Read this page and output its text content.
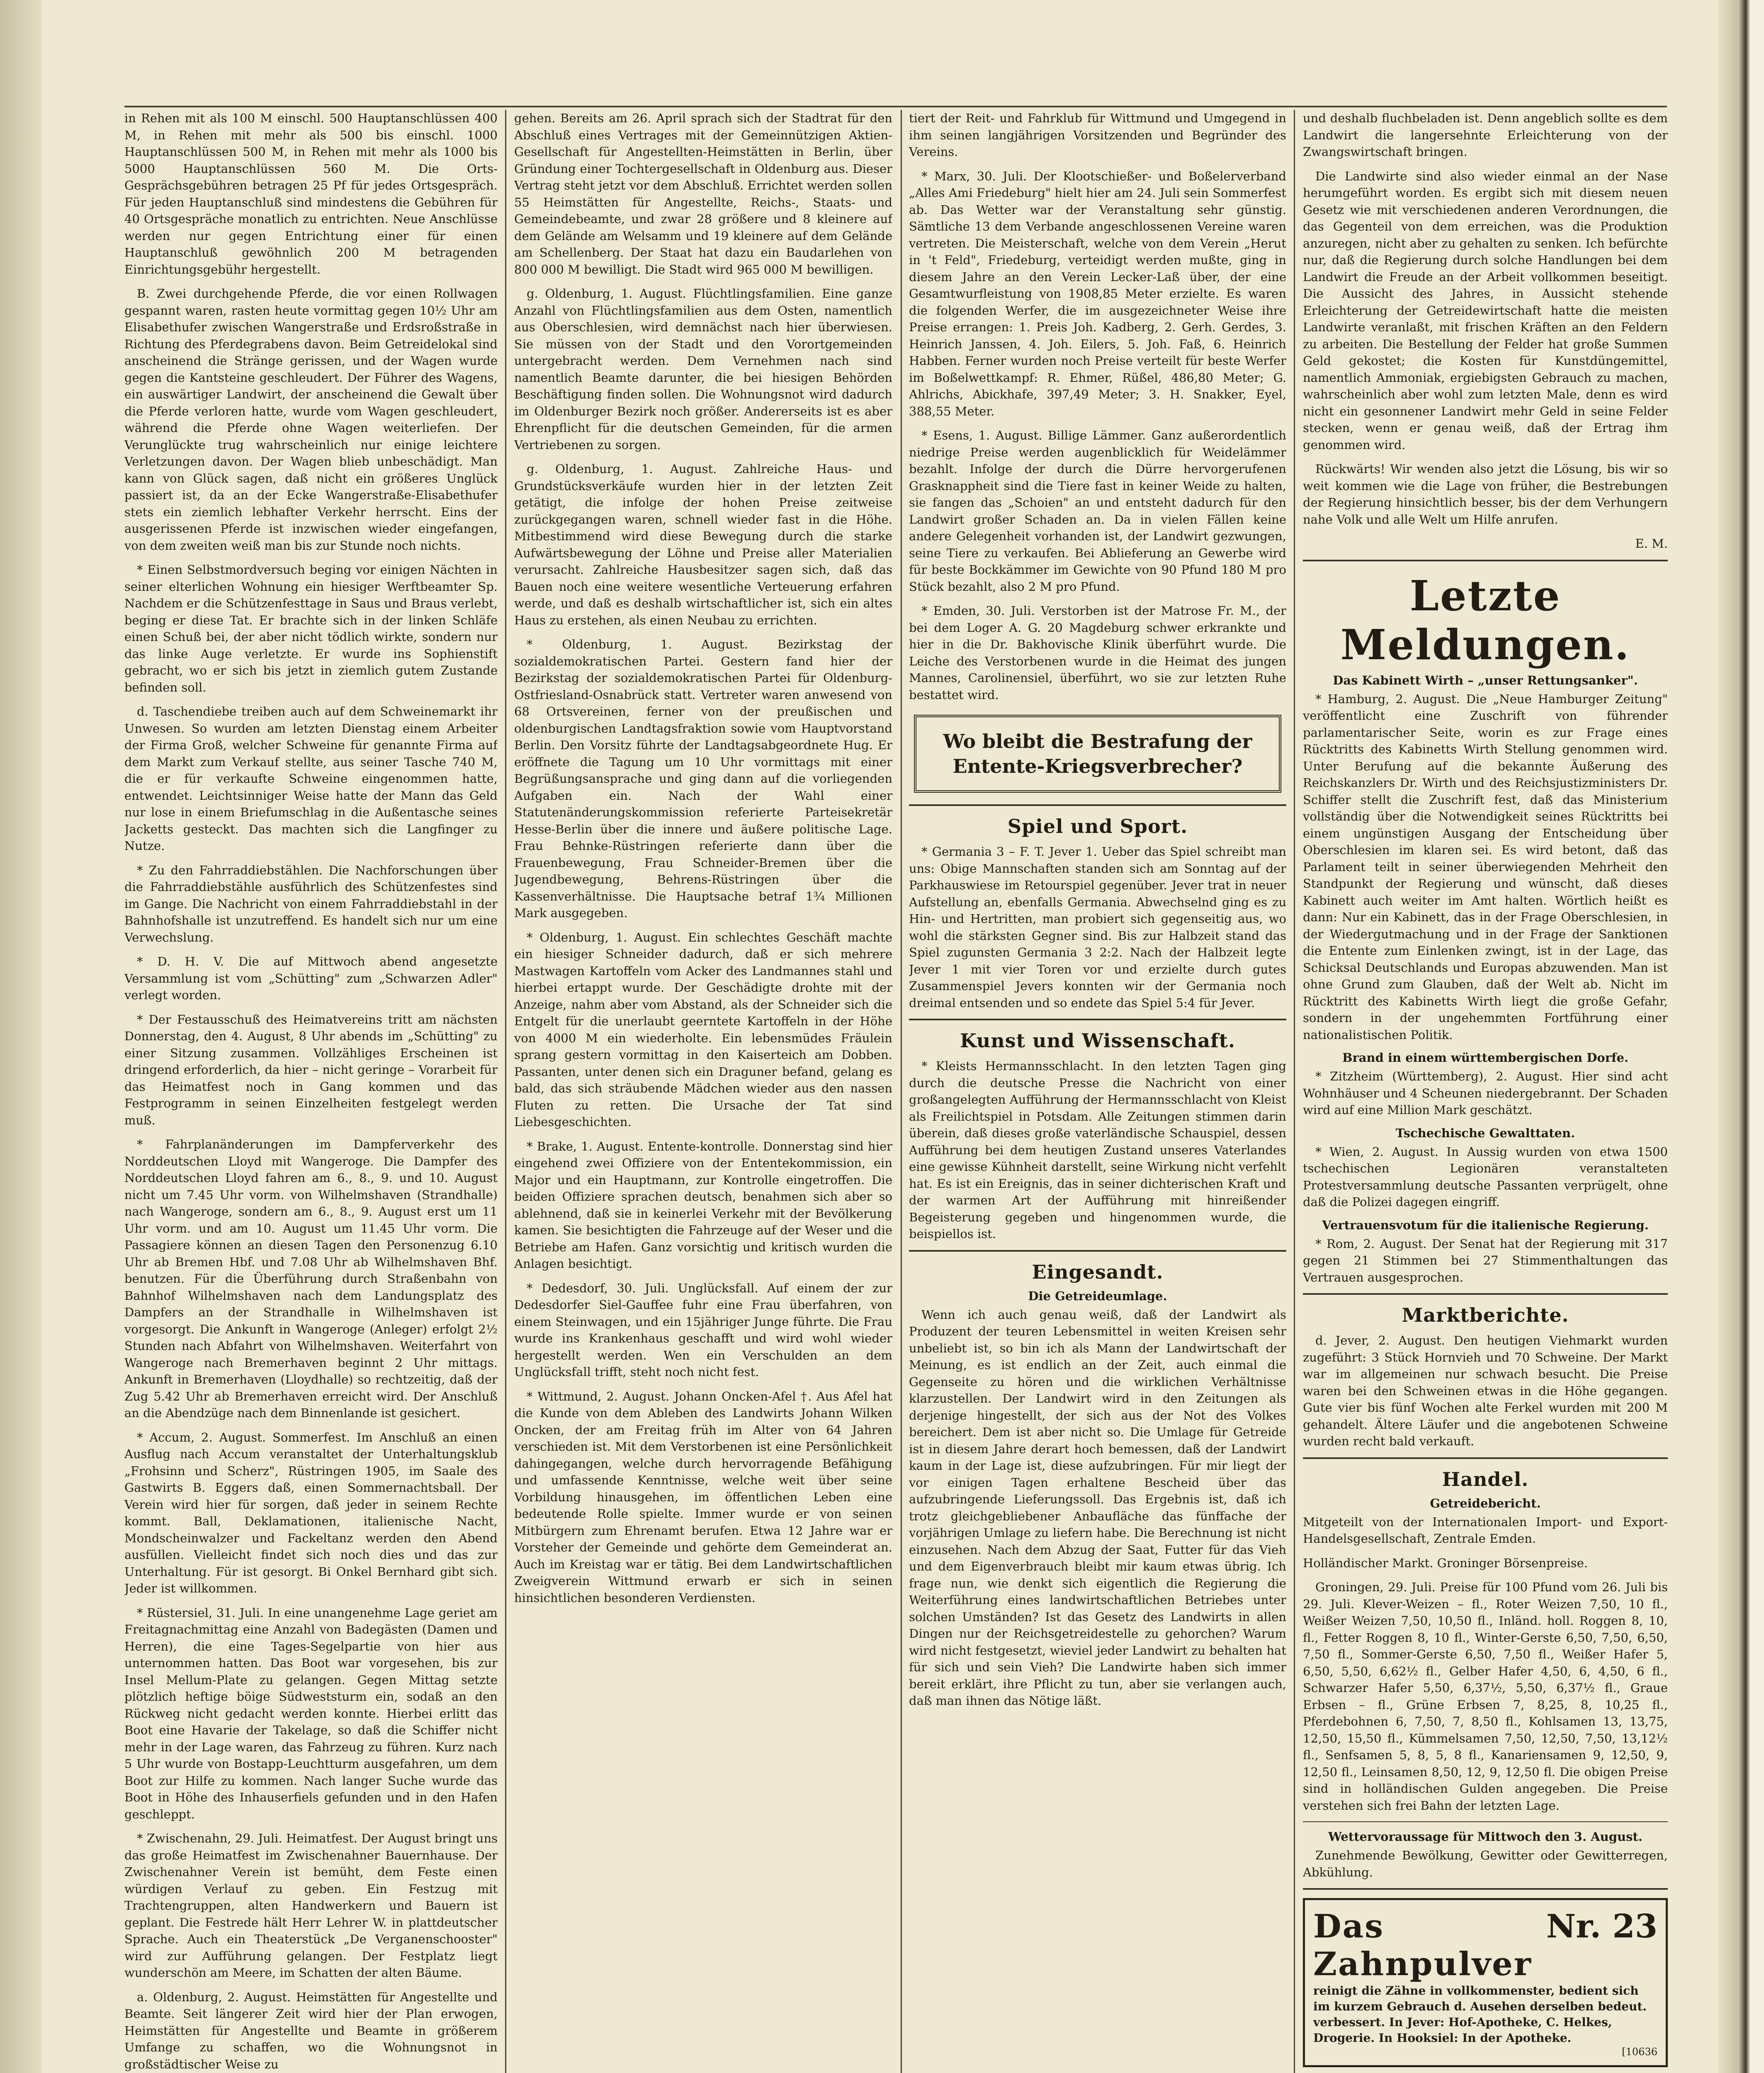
in Rehen mit als 100 M einschl. 500 Hauptanschlüssen 400 M, in Rehen mit mehr als 500 bis einschl. 1000 Hauptanschlüssen 500 M, in Rehen mit mehr als 1000 bis 5000 Hauptanschlüssen 560 M. Die Orts-Gesprächsgebühren betragen 25 Pf für jedes Ortsgespräch. Für jeden Hauptanschluß sind mindestens die Gebühren für 40 Ortsgespräche monatlich zu entrichten. Neue Anschlüsse werden nur gegen Entrichtung einer für einen Hauptanschluß gewöhnlich 200 M betragenden Einrichtungsgebühr hergestellt.

B. Zwei durchgehende Pferde, die vor einen Rollwagen gespannt waren, rasten heute vormittag gegen 10½ Uhr am Elisabethufer zwischen Wangerstraße und Erdsroßstraße in Richtung des Pferdegrabens davon. Beim Getreidelokal sind anscheinend die Stränge gerissen, und der Wagen wurde gegen die Kantsteine geschleudert. Der Führer des Wagens, ein auswärtiger Landwirt, der anscheinend die Gewalt über die Pferde verloren hatte, wurde vom Wagen geschleudert, während die Pferde ohne Wagen weiterliefen. Der Verunglückte trug wahrscheinlich nur einige leichtere Verletzungen davon. Der Wagen blieb unbeschädigt. Man kann von Glück sagen, daß nicht ein größeres Unglück passiert ist, da an der Ecke Wangerstraße-Elisabethufer stets ein ziemlich lebhafter Verkehr herrscht. Eins der ausgerissenen Pferde ist inzwischen wieder eingefangen, von dem zweiten weiß man bis zur Stunde noch nichts.

* Einen Selbstmordversuch beging vor einigen Nächten in seiner elterlichen Wohnung ein hiesiger Werftbeamter Sp. Nachdem er die Schützenfesttage in Saus und Braus verlebt, beging er diese Tat. Er brachte sich in der linken Schläfe einen Schuß bei, der aber nicht tödlich wirkte, sondern nur das linke Auge verletzte. Er wurde ins Sophienstift gebracht, wo er sich bis jetzt in ziemlich gutem Zustande befinden soll.

d. Taschendiebe treiben auch auf dem Schweinemarkt ihr Unwesen. So wurden am letzten Dienstag einem Arbeiter der Firma Groß, welcher Schweine für genannte Firma auf dem Markt zum Verkauf stellte, aus seiner Tasche 740 M, die er für verkaufte Schweine eingenommen hatte, entwendet. Leichtsinniger Weise hatte der Mann das Geld nur lose in einem Briefumschlag in die Außentasche seines Jacketts gesteckt. Das machten sich die Langfinger zu Nutze.

* Zu den Fahrraddiebstählen. Die Nachforschungen über die Fahrraddiebstähle ausführlich des Schützenfestes sind im Gange. Die Nachricht von einem Fahrraddiebstahl in der Bahnhofshalle ist unzutreffend. Es handelt sich nur um eine Verwechslung.

* D. H. V. Die auf Mittwoch abend angesetzte Versammlung ist vom „Schütting" zum „Schwarzen Adler" verlegt worden.

* Der Festausschuß des Heimatvereins tritt am nächsten Donnerstag, den 4. August, 8 Uhr abends im „Schütting" zu einer Sitzung zusammen. Vollzähliges Erscheinen ist dringend erforderlich, da hier – nicht geringe – Vorarbeit für das Heimatfest noch in Gang kommen und das Festprogramm in seinen Einzelheiten festgelegt werden muß.

* Fahrplanänderungen im Dampferverkehr des Norddeutschen Lloyd mit Wangeroge. Die Dampfer des Norddeutschen Lloyd fahren am 6., 8., 9. und 10. August nicht um 7.45 Uhr vorm. von Wilhelmshaven (Strandhalle) nach Wangeroge, sondern am 6., 8., 9. August erst um 11 Uhr vorm. und am 10. August um 11.45 Uhr vorm. Die Passagiere können an diesen Tagen den Personenzug 6.10 Uhr ab Bremen Hbf. und 7.08 Uhr ab Wilhelmshaven Bhf. benutzen. Für die Überführung durch Straßenbahn von Bahnhof Wilhelmshaven nach dem Landungsplatz des Dampfers an der Strandhalle in Wilhelmshaven ist vorgesorgt. Die Ankunft in Wangeroge (Anleger) erfolgt 2½ Stunden nach Abfahrt von Wilhelmshaven. Weiterfahrt von Wangeroge nach Bremerhaven beginnt 2 Uhr mittags. Ankunft in Bremerhaven (Lloydhalle) so rechtzeitig, daß der Zug 5.42 Uhr ab Bremerhaven erreicht wird. Der Anschluß an die Abendzüge nach dem Binnenlande ist gesichert.

* Accum, 2. August. Sommerfest. Im Anschluß an einen Ausflug nach Accum veranstaltet der Unterhaltungsklub „Frohsinn und Scherz", Rüstringen 1905, im Saale des Gastwirts B. Eggers daß, einen Sommernachtsball. Der Verein wird hier für sorgen, daß jeder in seinem Rechte kommt. Ball, Deklamationen, italienische Nacht, Mondscheinwalzer und Fackeltanz werden den Abend ausfüllen. Vielleicht findet sich noch dies und das zur Unterhaltung. Für ist gesorgt. Bi Onkel Bernhard gibt sich. Jeder ist willkommen.

* Rüstersiel, 31. Juli. In eine unangenehme Lage geriet am Freitagnachmittag eine Anzahl von Badegästen (Damen und Herren), die eine Tages-Segelpartie von hier aus unternommen hatten. Das Boot war vorgesehen, bis zur Insel Mellum-Plate zu gelangen. Gegen Mittag setzte plötzlich heftige böige Südweststurm ein, sodaß an den Rückweg nicht gedacht werden konnte. Hierbei erlitt das Boot eine Havarie der Takelage, so daß die Schiffer nicht mehr in der Lage waren, das Fahrzeug zu führen. Kurz nach 5 Uhr wurde von Bostapp-Leuchtturm ausgefahren, um dem Boot zur Hilfe zu kommen. Nach langer Suche wurde das Boot in Höhe des Inhauserfiels gefunden und in den Hafen geschleppt.

* Zwischenahn, 29. Juli. Heimatfest. Der August bringt uns das große Heimatfest im Zwischenahner Bauernhause. Der Zwischenahner Verein ist bemüht, dem Feste einen würdigen Verlauf zu geben. Ein Festzug mit Trachtengruppen, alten Handwerkern und Bauern ist geplant. Die Festrede hält Herr Lehrer W. in plattdeutscher Sprache. Auch ein Theaterstück „De Verganenschooster" wird zur Aufführung gelangen. Der Festplatz liegt wunderschön am Meere, im Schatten der alten Bäume.

a. Oldenburg, 2. August. Heimstätten für Angestellte und Beamte. Seit längerer Zeit wird hier der Plan erwogen, Heimstätten für Angestellte und Beamte in größerem Umfange zu schaffen, wo die Wohnungsnot in großstädtischer Weise zu

gehen. Bereits am 26. April sprach sich der Stadtrat für den Abschluß eines Vertrages mit der Gemeinnützigen Aktien-Gesellschaft für Angestellten-Heimstätten in Berlin, über Gründung einer Tochtergesellschaft in Oldenburg aus. Dieser Vertrag steht jetzt vor dem Abschluß. Errichtet werden sollen 55 Heimstätten für Angestellte, Reichs-, Staats- und Gemeindebeamte, und zwar 28 größere und 8 kleinere auf dem Gelände am Welsamm und 19 kleinere auf dem Gelände am Schellenberg. Der Staat hat dazu ein Baudarlehen von 800 000 M bewilligt. Die Stadt wird 965 000 M bewilligen.

g. Oldenburg, 1. August. Flüchtlingsfamilien. Eine ganze Anzahl von Flüchtlingsfamilien aus dem Osten, namentlich aus Oberschlesien, wird demnächst nach hier überwiesen. Sie müssen von der Stadt und den Vorortgemeinden untergebracht werden. Dem Vernehmen nach sind namentlich Beamte darunter, die bei hiesigen Behörden Beschäftigung finden sollen. Die Wohnungsnot wird dadurch im Oldenburger Bezirk noch größer. Andererseits ist es aber Ehrenpflicht für die deutschen Gemeinden, für die armen Vertriebenen zu sorgen.

g. Oldenburg, 1. August. Zahlreiche Haus- und Grundstücksverkäufe wurden hier in der letzten Zeit getätigt, die infolge der hohen Preise zeitweise zurückgegangen waren, schnell wieder fast in die Höhe. Mitbestimmend wird diese Bewegung durch die starke Aufwärtsbewegung der Löhne und Preise aller Materialien verursacht. Zahlreiche Hausbesitzer sagen sich, daß das Bauen noch eine weitere wesentliche Verteuerung erfahren werde, und daß es deshalb wirtschaftlicher ist, sich ein altes Haus zu erstehen, als einen Neubau zu errichten.

* Oldenburg, 1. August. Bezirkstag der sozialdemokratischen Partei. Gestern fand hier der Bezirkstag der sozialdemokratischen Partei für Oldenburg-Ostfriesland-Osnabrück statt. Vertreter waren anwesend von 68 Ortsvereinen, ferner von der preußischen und oldenburgischen Landtagsfraktion sowie vom Hauptvorstand Berlin. Den Vorsitz führte der Landtagsabgeordnete Hug. Er eröffnete die Tagung um 10 Uhr vormittags mit einer Begrüßungsansprache und ging dann auf die vorliegenden Aufgaben ein. Nach der Wahl einer Statutenänderungskommission referierte Parteisekretär Hesse-Berlin über die innere und äußere politische Lage. Frau Behnke-Rüstringen referierte dann über die Frauenbewegung, Frau Schneider-Bremen über die Jugendbewegung, Behrens-Rüstringen über die Kassenverhältnisse. Die Hauptsache betraf 1¾ Millionen Mark ausgegeben.

* Oldenburg, 1. August. Ein schlechtes Geschäft machte ein hiesiger Schneider dadurch, daß er sich mehrere Mastwagen Kartoffeln vom Acker des Landmannes stahl und hierbei ertappt wurde. Der Geschädigte drohte mit der Anzeige, nahm aber vom Abstand, als der Schneider sich die Entgelt für die unerlaubt geerntete Kartoffeln in der Höhe von 4000 M ein wiederholte. Ein lebensmüdes Fräulein sprang gestern vormittag in den Kaiserteich am Dobben. Passanten, unter denen sich ein Draguner befand, gelang es bald, das sich sträubende Mädchen wieder aus den nassen Fluten zu retten. Die Ursache der Tat sind Liebesgeschichten.

* Brake, 1. August. Entente-kontrolle. Donnerstag sind hier eingehend zwei Offiziere von der Ententekommission, ein Major und ein Hauptmann, zur Kontrolle eingetroffen. Die beiden Offiziere sprachen deutsch, benahmen sich aber so ablehnend, daß sie in keinerlei Verkehr mit der Bevölkerung kamen. Sie besichtigten die Fahrzeuge auf der Weser und die Betriebe am Hafen. Ganz vorsichtig und kritisch wurden die Anlagen besichtigt.

* Dedesdorf, 30. Juli. Unglücksfall. Auf einem der zur Dedesdorfer Siel-Gauffee fuhr eine Frau überfahren, von einem Steinwagen, und ein 15jähriger Junge führte. Die Frau wurde ins Krankenhaus geschafft und wird wohl wieder hergestellt werden. Wen ein Verschulden an dem Unglücksfall trifft, steht noch nicht fest.

* Wittmund, 2. August. Johann Oncken-Afel †. Aus Afel hat die Kunde von dem Ableben des Landwirts Johann Wilken Oncken, der am Freitag früh im Alter von 64 Jahren verschieden ist. Mit dem Verstorbenen ist eine Persönlichkeit dahingegangen, welche durch hervorragende Befähigung und umfassende Kenntnisse, welche weit über seine Vorbildung hinausgehen, im öffentlichen Leben eine bedeutende Rolle spielte. Immer wurde er von seinen Mitbürgern zum Ehrenamt berufen. Etwa 12 Jahre war er Vorsteher der Gemeinde und gehörte dem Gemeinderat an. Auch im Kreistag war er tätig. Bei dem Landwirtschaftlichen Zweigverein Wittmund erwarb er sich in seinen hinsichtlichen besonderen Verdiensten.

tiert der Reit- und Fahrklub für Wittmund und Umgegend in ihm seinen langjährigen Vorsitzenden und Begründer des Vereins.

* Marx, 30. Juli. Der Klootschießer- und Boßelerverband „Alles Ami Friedeburg" hielt hier am 24. Juli sein Sommerfest ab. Das Wetter war der Veranstaltung sehr günstig. Sämtliche 13 dem Verbande angeschlossenen Vereine waren vertreten. Die Meisterschaft, welche von dem Verein „Herut in 't Feld", Friedeburg, verteidigt werden mußte, ging in diesem Jahre an den Verein Lecker-Laß über, der eine Gesamtwurfleistung von 1908,85 Meter erzielte. Es waren die folgenden Werfer, die im ausgezeichneter Weise ihre Preise errangen: 1. Preis Joh. Kadberg, 2. Gerh. Gerdes, 3. Heinrich Janssen, 4. Joh. Eilers, 5. Joh. Faß, 6. Heinrich Habben. Ferner wurden noch Preise verteilt für beste Werfer im Boßelwettkampf: R. Ehmer, Rüßel, 486,80 Meter; G. Ahlrichs, Abickhafe, 397,49 Meter; 3. H. Snakker, Eyel, 388,55 Meter.

* Esens, 1. August. Billige Lämmer. Ganz außerordentlich niedrige Preise werden augenblicklich für Weidelämmer bezahlt. Infolge der durch die Dürre hervorgerufenen Grasknappheit sind die Tiere fast in keiner Weide zu halten, sie fangen das „Schoien" an und entsteht dadurch für den Landwirt großer Schaden an. Da in vielen Fällen keine andere Gelegenheit vorhanden ist, der Landwirt gezwungen, seine Tiere zu verkaufen. Bei Ablieferung an Gewerbe wird für beste Bockkämmer im Gewichte von 90 Pfund 180 M pro Stück bezahlt, also 2 M pro Pfund.

* Emden, 30. Juli. Verstorben ist der Matrose Fr. M., der bei dem Loger A. G. 20 Magdeburg schwer erkrankte und hier in die Dr. Bakhovische Klinik überführt wurde. Die Leiche des Verstorbenen wurde in die Heimat des jungen Mannes, Carolinensiel, überführt, wo sie zur letzten Ruhe bestattet wird.

Wo bleibt die Bestrafung der Entente-Kriegsverbrecher?
Spiel und Sport.

* Germania 3 – F. T. Jever 1. Ueber das Spiel schreibt man uns: Obige Mannschaften standen sich am Sonntag auf der Parkhauswiese im Retourspiel gegenüber. Jever trat in neuer Aufstellung an, ebenfalls Germania. Abwechselnd ging es zu Hin- und Hertritten, man probiert sich gegenseitig aus, wo wohl die stärksten Gegner sind. Bis zur Halbzeit stand das Spiel zugunsten Germania 3 2:2. Nach der Halbzeit legte Jever 1 mit vier Toren vor und erzielte durch gutes Zusammenspiel Jevers konnten wir der Germania noch dreimal entsenden und so endete das Spiel 5:4 für Jever.

Kunst und Wissenschaft.

* Kleists Hermannsschlacht. In den letzten Tagen ging durch die deutsche Presse die Nachricht von einer großangelegten Aufführung der Hermannsschlacht von Kleist als Freilichtspiel in Potsdam. Alle Zeitungen stimmen darin überein, daß dieses große vaterländische Schauspiel, dessen Aufführung bei dem heutigen Zustand unseres Vaterlandes eine gewisse Kühnheit darstellt, seine Wirkung nicht verfehlt hat. Es ist ein Ereignis, das in seiner dichterischen Kraft und der warmen Art der Aufführung mit hinreißender Begeisterung gegeben und hingenommen wurde, die beispiellos ist.

Eingesandt.
Die Getreideumlage.

Wenn ich auch genau weiß, daß der Landwirt als Produzent der teuren Lebensmittel in weiten Kreisen sehr unbeliebt ist, so bin ich als Mann der Landwirtschaft der Meinung, es ist endlich an der Zeit, auch einmal die Gegenseite zu hören und die wirklichen Verhältnisse klarzustellen. Der Landwirt wird in den Zeitungen als derjenige hingestellt, der sich aus der Not des Volkes bereichert. Dem ist aber nicht so. Die Umlage für Getreide ist in diesem Jahre derart hoch bemessen, daß der Landwirt kaum in der Lage ist, diese aufzubringen. Für mir liegt der vor einigen Tagen erhaltene Bescheid über das aufzubringende Lieferungssoll. Das Ergebnis ist, daß ich trotz gleichgebliebener Anbaufläche das fünffache der vorjährigen Umlage zu liefern habe. Die Berechnung ist nicht einzusehen. Nach dem Abzug der Saat, Futter für das Vieh und dem Eigenverbrauch bleibt mir kaum etwas übrig. Ich frage nun, wie denkt sich eigentlich die Regierung die Weiterführung eines landwirtschaftlichen Betriebes unter solchen Umständen? Ist das Gesetz des Landwirts in allen Dingen nur der Reichsgetreidestelle zu gehorchen? Warum wird nicht festgesetzt, wieviel jeder Landwirt zu behalten hat für sich und sein Vieh? Die Landwirte haben sich immer bereit erklärt, ihre Pflicht zu tun, aber sie verlangen auch, daß man ihnen das Nötige läßt.

und deshalb fluchbeladen ist. Denn angeblich sollte es dem Landwirt die langersehnte Erleichterung von der Zwangswirtschaft bringen.

Die Landwirte sind also wieder einmal an der Nase herumgeführt worden. Es ergibt sich mit diesem neuen Gesetz wie mit verschiedenen anderen Verordnungen, die das Gegenteil von dem erreichen, was die Produktion anzuregen, nicht aber zu gehalten zu senken. Ich befürchte nur, daß die Regierung durch solche Handlungen bei dem Landwirt die Freude an der Arbeit vollkommen beseitigt. Die Aussicht des Jahres, in Aussicht stehende Erleichterung der Getreidewirtschaft hatte die meisten Landwirte veranlaßt, mit frischen Kräften an den Feldern zu arbeiten. Die Bestellung der Felder hat große Summen Geld gekostet; die Kosten für Kunstdüngemittel, namentlich Ammoniak, ergiebigsten Gebrauch zu machen, wahrscheinlich aber wohl zum letzten Male, denn es wird nicht ein gesonnener Landwirt mehr Geld in seine Felder stecken, wenn er genau weiß, daß der Ertrag ihm genommen wird.

Rückwärts! Wir wenden also jetzt die Lösung, bis wir so weit kommen wie die Lage von früher, die Bestrebungen der Regierung hinsichtlich besser, bis der dem Verhungern nahe Volk und alle Welt um Hilfe anrufen.

E. M.

Letzte Meldungen.
Das Kabinett Wirth – „unser Rettungsanker".

* Hamburg, 2. August. Die „Neue Hamburger Zeitung" veröffentlicht eine Zuschrift von führender parlamentarischer Seite, worin es zur Frage eines Rücktritts des Kabinetts Wirth Stellung genommen wird. Unter Berufung auf die bekannte Äußerung des Reichskanzlers Dr. Wirth und des Reichsjustizministers Dr. Schiffer stellt die Zuschrift fest, daß das Ministerium vollständig über die Notwendigkeit seines Rücktritts bei einem ungünstigen Ausgang der Entscheidung über Oberschlesien im klaren sei. Es wird betont, daß das Parlament teilt in seiner überwiegenden Mehrheit den Standpunkt der Regierung und wünscht, daß dieses Kabinett auch weiter im Amt halten. Wörtlich heißt es dann: Nur ein Kabinett, das in der Frage Oberschlesien, in der Wiedergutmachung und in der Frage der Sanktionen die Entente zum Einlenken zwingt, ist in der Lage, das Schicksal Deutschlands und Europas abzuwenden. Man ist ohne Grund zum Glauben, daß der Welt ab. Nicht im Rücktritt des Kabinetts Wirth liegt die große Gefahr, sondern in der ungehemmten Fortführung einer nationalistischen Politik.

Brand in einem württembergischen Dorfe.

* Zitzheim (Württemberg), 2. August. Hier sind acht Wohnhäuser und 4 Scheunen niedergebrannt. Der Schaden wird auf eine Million Mark geschätzt.

Tschechische Gewalttaten.

* Wien, 2. August. In Aussig wurden von etwa 1500 tschechischen Legionären veranstalteten Protestversammlung deutsche Passanten verprügelt, ohne daß die Polizei dagegen eingriff.

Vertrauensvotum für die italienische Regierung.

* Rom, 2. August. Der Senat hat der Regierung mit 317 gegen 21 Stimmen bei 27 Stimmenthaltungen das Vertrauen ausgesprochen.

Marktberichte.

d. Jever, 2. August. Den heutigen Viehmarkt wurden zugeführt: 3 Stück Hornvieh und 70 Schweine. Der Markt war im allgemeinen nur schwach besucht. Die Preise waren bei den Schweinen etwas in die Höhe gegangen. Gute vier bis fünf Wochen alte Ferkel wurden mit 200 M gehandelt. Ältere Läufer und die angebotenen Schweine wurden recht bald verkauft.

Handel.
Getreidebericht.

Mitgeteilt von der Internationalen Import- und Export-Handelsgesellschaft, Zentrale Emden.

Holländischer Markt. Groninger Börsenpreise.

Groningen, 29. Juli. Preise für 100 Pfund vom 26. Juli bis 29. Juli. Klever-Weizen – fl., Roter Weizen 7,50, 10 fl., Weißer Weizen 7,50, 10,50 fl., Inländ. holl. Roggen 8, 10, fl., Fetter Roggen 8, 10 fl., Winter-Gerste 6,50, 7,50, 6,50, 7,50 fl., Sommer-Gerste 6,50, 7,50 fl., Weißer Hafer 5, 6,50, 5,50, 6,62½ fl., Gelber Hafer 4,50, 6, 4,50, 6 fl., Schwarzer Hafer 5,50, 6,37½, 5,50, 6,37½ fl., Graue Erbsen – fl., Grüne Erbsen 7, 8,25, 8, 10,25 fl., Pferdebohnen 6, 7,50, 7, 8,50 fl., Kohlsamen 13, 13,75, 12,50, 15,50 fl., Kümmelsamen 7,50, 12,50, 7,50, 13,12½ fl., Senfsamen 5, 8, 5, 8 fl., Kanariensamen 9, 12,50, 9, 12,50 fl., Leinsamen 8,50, 12, 9, 12,50 fl. Die obigen Preise sind in holländischen Gulden angegeben. Die Preise verstehen sich frei Bahn der letzten Lage.

Wettervoraussage für Mittwoch den 3. August.

Zunehmende Bewölkung, Gewitter oder Gewitterregen, Abkühlung.

Nr. 23
Das Zahnpulver
reinigt die Zähne in vollkommenster, bedient sich im kurzem Gebrauch d. Ausehen derselben bedeut. verbessert. In Jever: Hof-Apotheke, C. Helkes, Drogerie. In Hooksiel: In der Apotheke.
[10636
